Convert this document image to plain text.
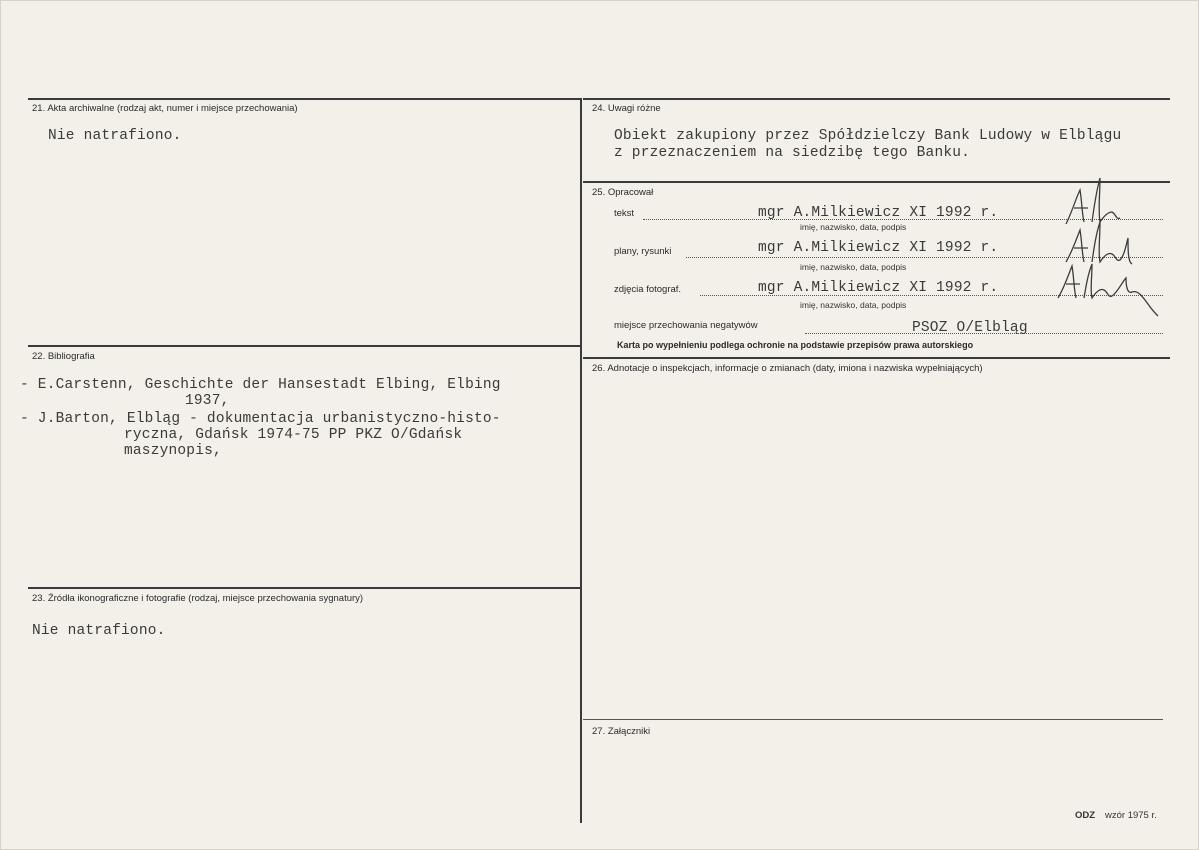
21. Akta archiwalne (rodzaj akt, numer i miejsce przechowania)
Nie natrafiono.
22. Bibliografia
- E.Carstenn, Geschichte der Hansestadt Elbing, Elbing
1937,
- J.Barton, Elbląg - dokumentacja urbanistyczno-histo-
ryczna, Gdańsk 1974-75 PP PKZ O/Gdańsk
maszynopis,
23. Źródła ikonograficzne i fotografie (rodzaj, miejsce przechowania sygnatury)
Nie natrafiono.
24. Uwagi różne
Obiekt zakupiony przez Spółdzielczy Bank Ludowy w Elblągu
z przeznaczeniem na siedzibę tego Banku.
25. Opracował
tekst	mgr A.Milkiewicz XI 1992 r.
imię, nazwisko, data, podpis
plany, rysunki	mgr A.Milkiewicz XI 1992 r.
imię, nazwisko, data, podpis
zdjęcia fotograf.	mgr A.Milkiewicz XI 1992 r.
imię, nazwisko, data, podpis
miejsce przechowania negatywów	PSOZ O/Elbląg
Karta po wypełnieniu podlega ochronie na podstawie przepisów prawa autorskiego
26. Adnotacje o inspekcjach, informacje o zmianach (daty, imiona i nazwiska wypełniających)
27. Załączniki
ODZ wzór 1975 r.
